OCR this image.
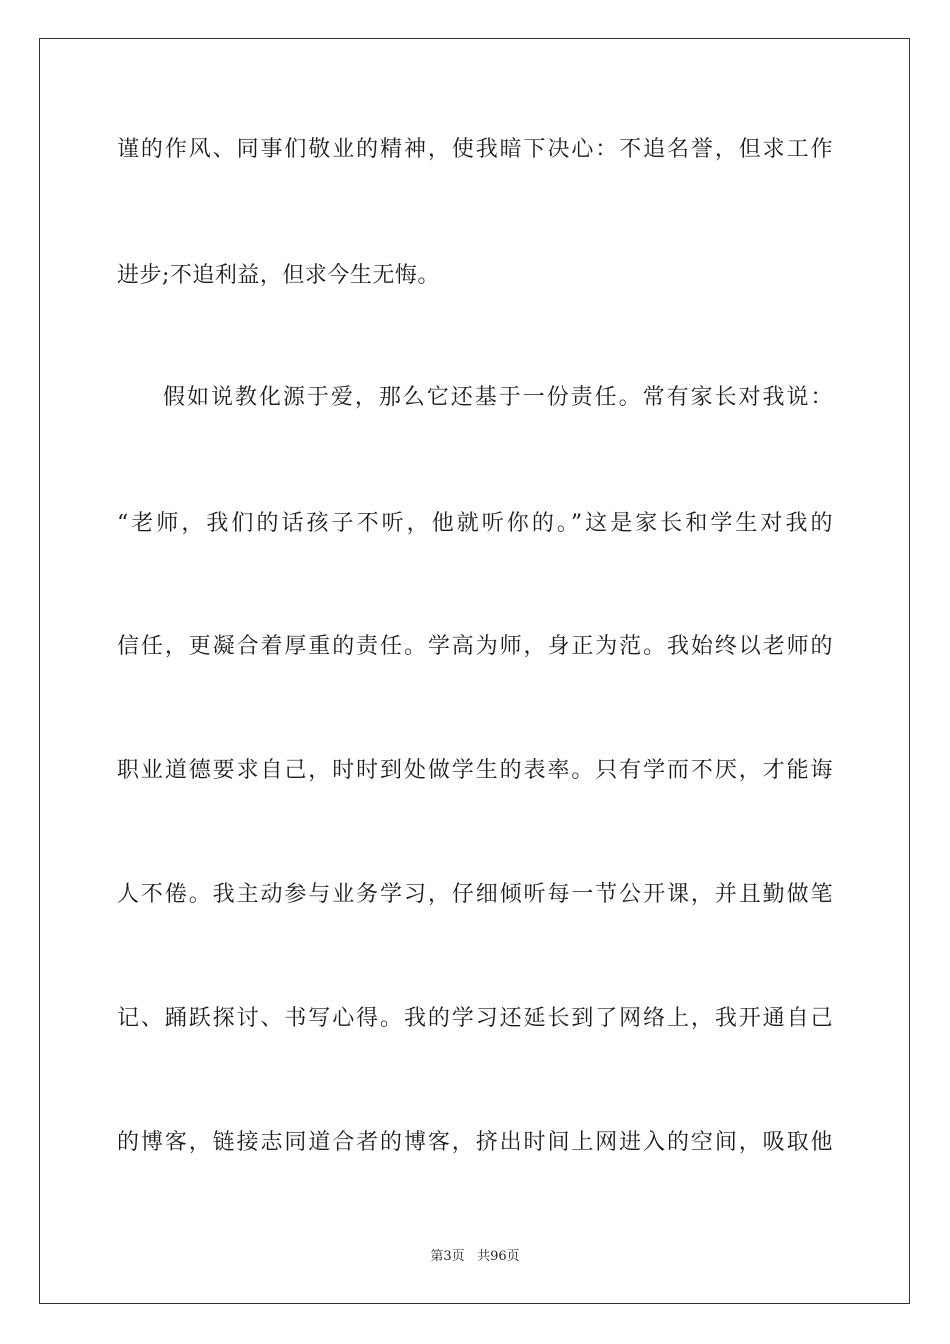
谨的作风、同事们敬业的精神，使我暗下决心：不追名誉，但求工作
进步;不追利益，但求今生无悔。
假如说教化源于爱，那么它还基于一份责任。常有家长对我说：
“老师，我们的话孩子不听，他就听你的。”这是家长和学生对我的
信任，更凝合着厚重的责任。学高为师，身正为范。我始终以老师的
职业道德要求自己，时时到处做学生的表率。只有学而不厌，才能诲
人不倦。我主动参与业务学习，仔细倾听每一节公开课，并且勤做笔
记、踊跃探讨、书写心得。我的学习还延长到了网络上，我开通自己
的博客，链接志同道合者的博客，挤出时间上网进入的空间，吸取他
第3页 共96页
